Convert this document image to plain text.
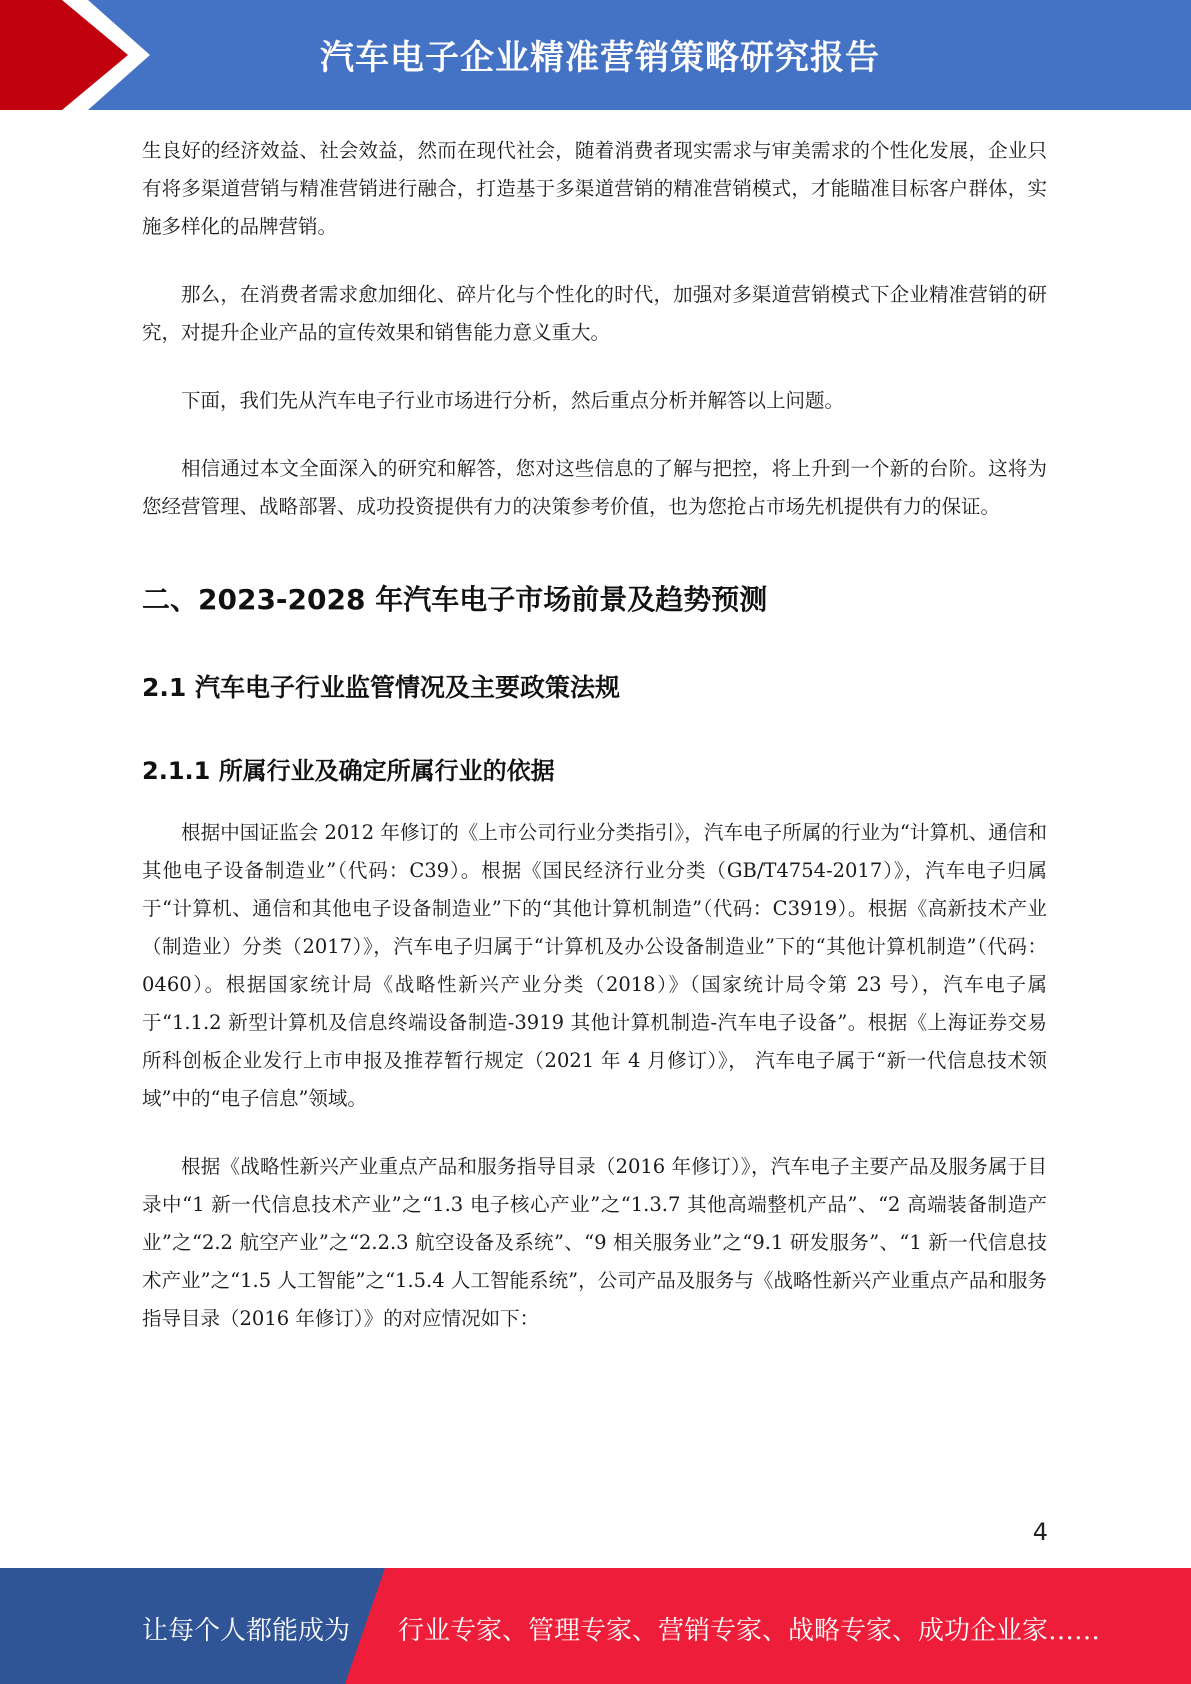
汽车电子企业精准营销策略研究报告

生良好的经济效益、社会效益，然而在现代社会，随着消费者现实需求与审美需求的个性化发展，企业只有将多渠道营销与精准营销进行融合，打造基于多渠道营销的精准营销模式，才能瞄准目标客户群体，实施多样化的品牌营销。

那么，在消费者需求愈加细化、碎片化与个性化的时代，加强对多渠道营销模式下企业精准营销的研究，对提升企业产品的宣传效果和销售能力意义重大。

下面，我们先从汽车电子行业市场进行分析，然后重点分析并解答以上问题。

相信通过本文全面深入的研究和解答，您对这些信息的了解与把控，将上升到一个新的台阶。这将为您经营管理、战略部署、成功投资提供有力的决策参考价值，也为您抢占市场先机提供有力的保证。

二、2023-2028 年汽车电子市场前景及趋势预测
2.1 汽车电子行业监管情况及主要政策法规
2.1.1 所属行业及确定所属行业的依据

根据中国证监会 2012 年修订的《上市公司行业分类指引》，汽车电子所属的行业为“计算机、通信和其他电子设备制造业”（代码：C39）。根据《国民经济行业分类（GB/T4754-2017）》，汽车电子归属于“计算机、通信和其他电子设备制造业”下的“其他计算机制造”（代码：C3919）。根据《高新技术产业（制造业）分类（2017）》，汽车电子归属于“计算机及办公设备制造业”下的“其他计算机制造”（代码：0460）。根据国家统计局《战略性新兴产业分类（2018）》（国家统计局令第 23 号），汽车电子属于“1.1.2 新型计算机及信息终端设备制造-3919 其他计算机制造-汽车电子设备”。根据《上海证券交易所科创板企业发行上市申报及推荐暂行规定（2021 年 4 月修订）》， 汽车电子属于“新一代信息技术领域”中的“电子信息”领域。

根据《战略性新兴产业重点产品和服务指导目录（2016 年修订）》，汽车电子主要产品及服务属于目录中“1 新一代信息技术产业”之“1.3 电子核心产业”之“1.3.7 其他高端整机产品”、“2 高端装备制造产业”之“2.2 航空产业”之“2.2.3 航空设备及系统”、“9 相关服务业”之“9.1 研发服务”、“1 新一代信息技术产业”之“1.5 人工智能”之“1.5.4 人工智能系统”，公司产品及服务与《战略性新兴产业重点产品和服务指导目录（2016 年修订）》的对应情况如下：

4
让每个人都能成为 行业专家、管理专家、营销专家、战略专家、成功企业家……
